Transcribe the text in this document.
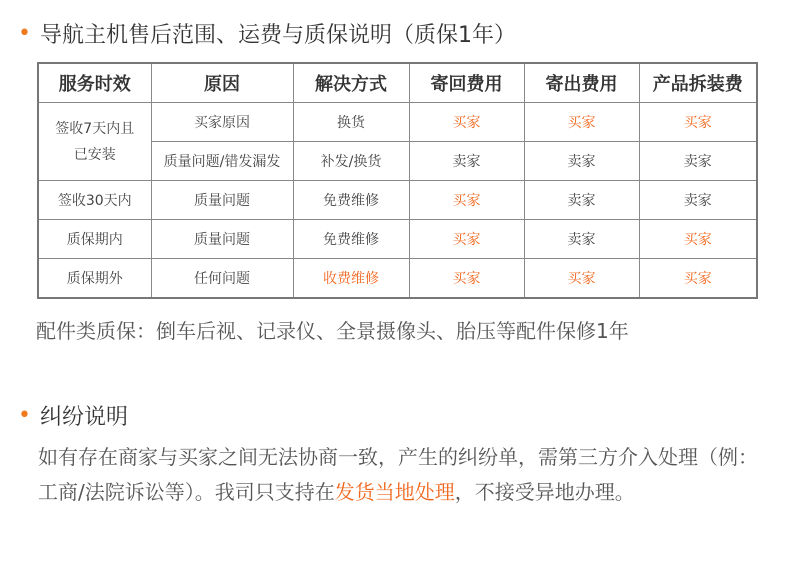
• 导航主机售后范围、运费与质保说明（质保1年）
服务时效	原因	解决方式	寄回费用	寄出费用	产品拆装费
签收7天内且已安装	买家原因	换货	买家	买家	买家
	质量问题/错发漏发	补发/换货	卖家	卖家	卖家
签收30天内	质量问题	免费维修	买家	卖家	卖家
质保期内	质量问题	免费维修	买家	卖家	买家
质保期外	任何问题	收费维修	买家	买家	买家
配件类质保：倒车后视、记录仪、全景摄像头、胎压等配件保修1年
• 纠纷说明
如有存在商家与买家之间无法协商一致，产生的纠纷单，需第三方介入处理（例：工商/法院诉讼等）。我司只支持在发货当地处理，不接受异地办理。
